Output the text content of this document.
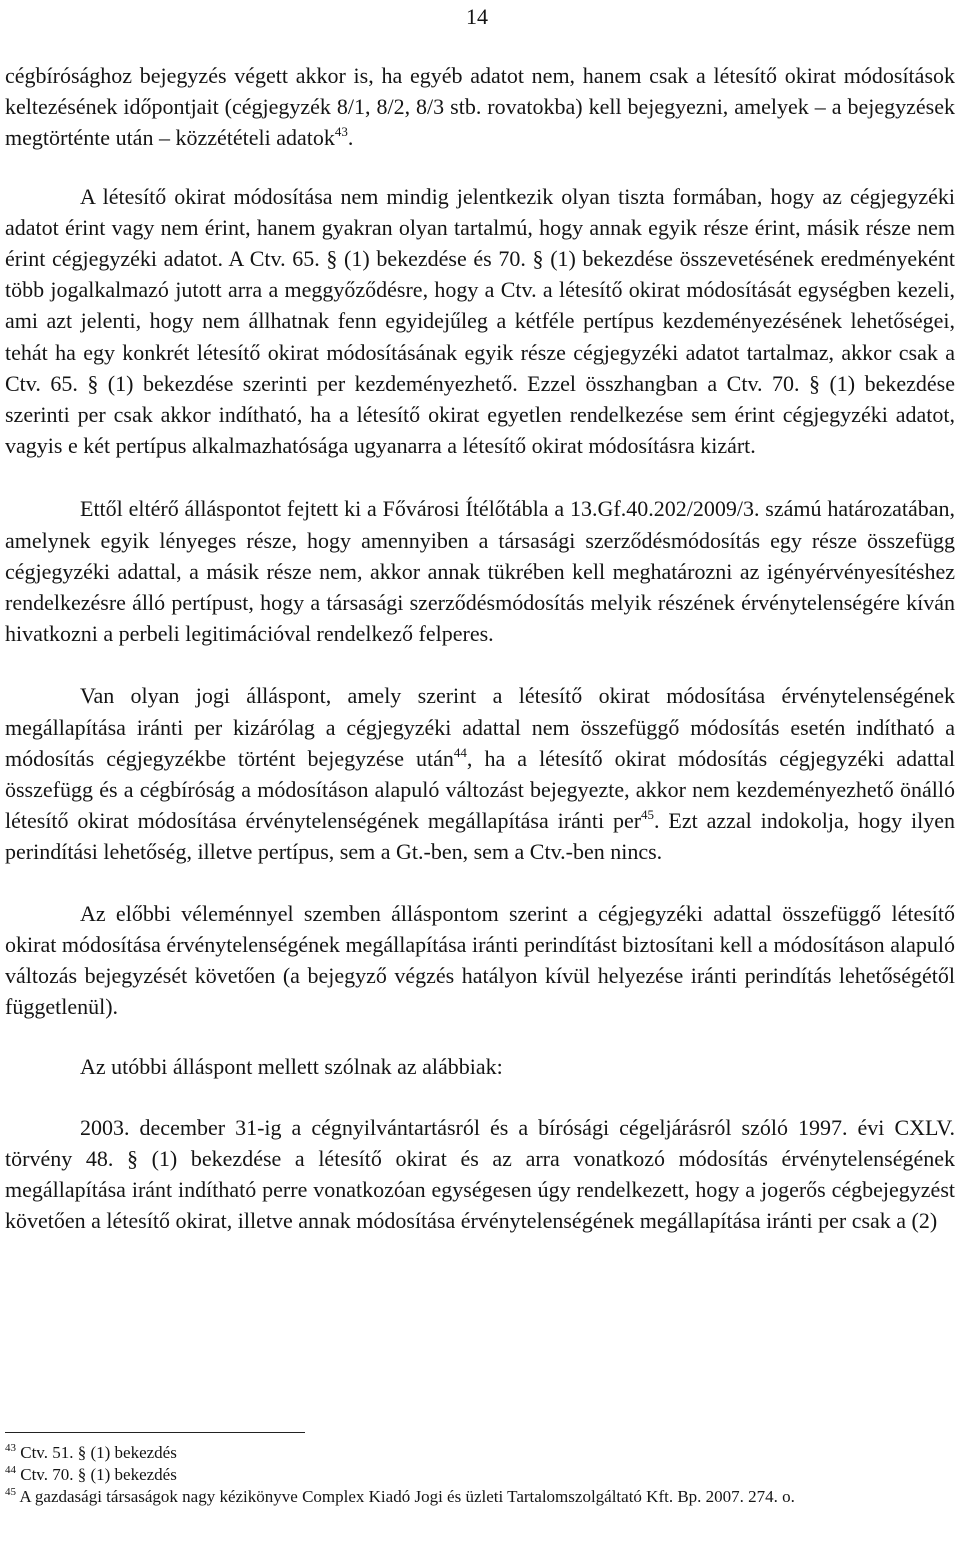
14

cégbírósághoz bejegyzés végett akkor is, ha egyéb adatot nem, hanem csak a létesítő okirat módosítások keltezésének időpontjait (cégjegyzék 8/1, 8/2, 8/3 stb. rovatokba) kell bejegyezni, amelyek – a bejegyzések megtörténte után – közzétételi adatok$^{43}$.

A létesítő okirat módosítása nem mindig jelentkezik olyan tiszta formában, hogy az cégjegyzéki adatot érint vagy nem érint, hanem gyakran olyan tartalmú, hogy annak egyik része érint, másik része nem érint cégjegyzéki adatot. A Ctv. 65. § (1) bekezdése és 70. § (1) bekezdése összevetésének eredményeként több jogalkalmazó jutott arra a meggyőződésre, hogy a Ctv. a létesítő okirat módosítását egységben kezeli, ami azt jelenti, hogy nem állhatnak fenn egyidejűleg a kétféle pertípus kezdeményezésének lehetőségei, tehát ha egy konkrét létesítő okirat módosításának egyik része cégjegyzéki adatot tartalmaz, akkor csak a Ctv. 65. § (1) bekezdése szerinti per kezdeményezhető. Ezzel összhangban a Ctv. 70. § (1) bekezdése szerinti per csak akkor indítható, ha a létesítő okirat egyetlen rendelkezése sem érint cégjegyzéki adatot, vagyis e két pertípus alkalmazhatósága ugyanarra a létesítő okirat módosításra kizárt.

Ettől eltérő álláspontot fejtett ki a Fővárosi Ítélőtábla a 13.Gf.40.202/2009/3. számú határozatában, amelynek egyik lényeges része, hogy amennyiben a társasági szerződésmódosítás egy része összefügg cégjegyzéki adattal, a másik része nem, akkor annak tükrében kell meghatározni az igényérvényesítéshez rendelkezésre álló pertípust, hogy a társasági szerződésmódosítás melyik részének érvénytelenségére kíván hivatkozni a perbeli legitimációval rendelkező felperes.

Van olyan jogi álláspont, amely szerint a létesítő okirat módosítása érvénytelenségének megállapítása iránti per kizárólag a cégjegyzéki adattal nem összefüggő módosítás esetén indítható a módosítás cégjegyzékbe történt bejegyzése után$^{44}$, ha a létesítő okirat módosítás cégjegyzéki adattal összefügg és a cégbíróság a módosításon alapuló változást bejegyezte, akkor nem kezdeményezhető önálló létesítő okirat módosítása érvénytelenségének megállapítása iránti per$^{45}$. Ezt azzal indokolja, hogy ilyen perindítási lehetőség, illetve pertípus, sem a Gt.-ben, sem a Ctv.-ben nincs.

Az előbbi véleménnyel szemben álláspontom szerint a cégjegyzéki adattal összefüggő létesítő okirat módosítása érvénytelenségének megállapítása iránti perindítást biztosítani kell a módosításon alapuló változás bejegyzését követően (a bejegyző végzés hatályon kívül helyezése iránti perindítás lehetőségétől függetlenül).

Az utóbbi álláspont mellett szólnak az alábbiak:

2003. december 31-ig a cégnyilvántartásról és a bírósági cégeljárásról szóló 1997. évi CXLV. törvény 48. § (1) bekezdése a létesítő okirat és az arra vonatkozó módosítás érvénytelenségének megállapítása iránt indítható perre vonatkozóan egységesen úgy rendelkezett, hogy a jogerős cégbejegyzést követően a létesítő okirat, illetve annak módosítása érvénytelenségének megállapítása iránti per csak a (2)

$^{43}$ Ctv. 51. § (1) bekezdés

$^{44}$ Ctv. 70. § (1) bekezdés

$^{45}$ A gazdasági társaságok nagy kézikönyve Complex Kiadó Jogi és üzleti Tartalomszolgáltató Kft. Bp. 2007. 274. o.
